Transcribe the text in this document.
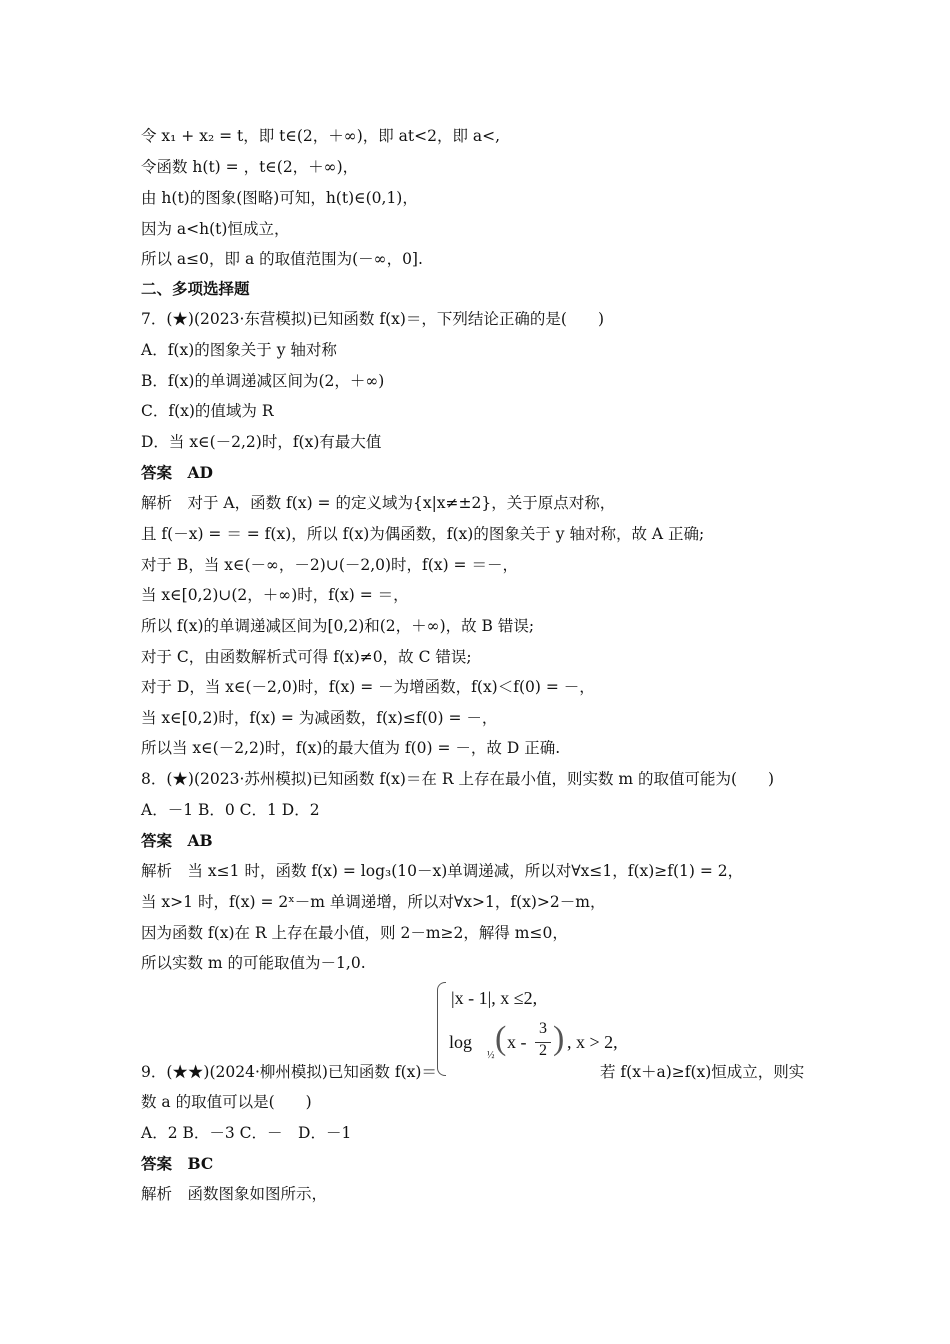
令 x₁ + x₂ = t，即 t∈(2，＋∞)，即 at<2，即 a<,
令函数 h(t) = ，t∈(2，＋∞)，
由 h(t)的图象(图略)可知，h(t)∈(0,1)，
因为 a<h(t)恒成立，
所以 a≤0，即 a 的取值范围为(－∞，0].
二、多项选择题
7．(★)(2023·东营模拟)已知函数 f(x)＝，下列结论正确的是(　　)
A．f(x)的图象关于 y 轴对称
B．f(x)的单调递减区间为(2，＋∞)
C．f(x)的值域为 R
D．当 x∈(－2,2)时，f(x)有最大值
答案　AD
解析　对于 A，函数 f(x) = 的定义域为{x|x≠±2}，关于原点对称，
且 f(－x) = ＝ = f(x)，所以 f(x)为偶函数，f(x)的图象关于 y 轴对称，故 A 正确;
对于 B，当 x∈(－∞，－2)∪(－2,0)时，f(x) = ＝－，
当 x∈[0,2)∪(2，＋∞)时，f(x) = ＝，
所以 f(x)的单调递减区间为[0,2)和(2，＋∞)，故 B 错误;
对于 C，由函数解析式可得 f(x)≠0，故 C 错误;
对于 D，当 x∈(－2,0)时，f(x) = －为增函数，f(x)＜f(0) = －，
当 x∈[0,2)时，f(x) = 为减函数，f(x)≤f(0) = －，
所以当 x∈(－2,2)时，f(x)的最大值为 f(0) = －，故 D 正确.
8．(★)(2023·苏州模拟)已知函数 f(x)＝在 R 上存在最小值，则实数 m 的取值可能为(　　)
A．－1 B．0 C．1 D．2
答案　AB
解析　当 x≤1 时，函数 f(x) = log₃(10－x)单调递减，所以对∀x≤1，f(x)≥f(1) = 2，
当 x>1 时，f(x) = 2ˣ－m 单调递增，所以对∀x>1，f(x)>2－m，
因为函数 f(x)在 R 上存在最小值，则 2－m≥2，解得 m≤0，
所以实数 m 的可能取值为－1,0.
|x - 1|, x ≤2,
log
½ ( x -
3
2 ) , x > 2,
9．(★★)(2024·柳州模拟)已知函数 f(x)＝	若 f(x＋a)≥f(x)恒成立，则实
数 a 的取值可以是(　　)
A．2 B．－3 C．－　D．－1
答案　BC
解析　函数图象如图所示，
